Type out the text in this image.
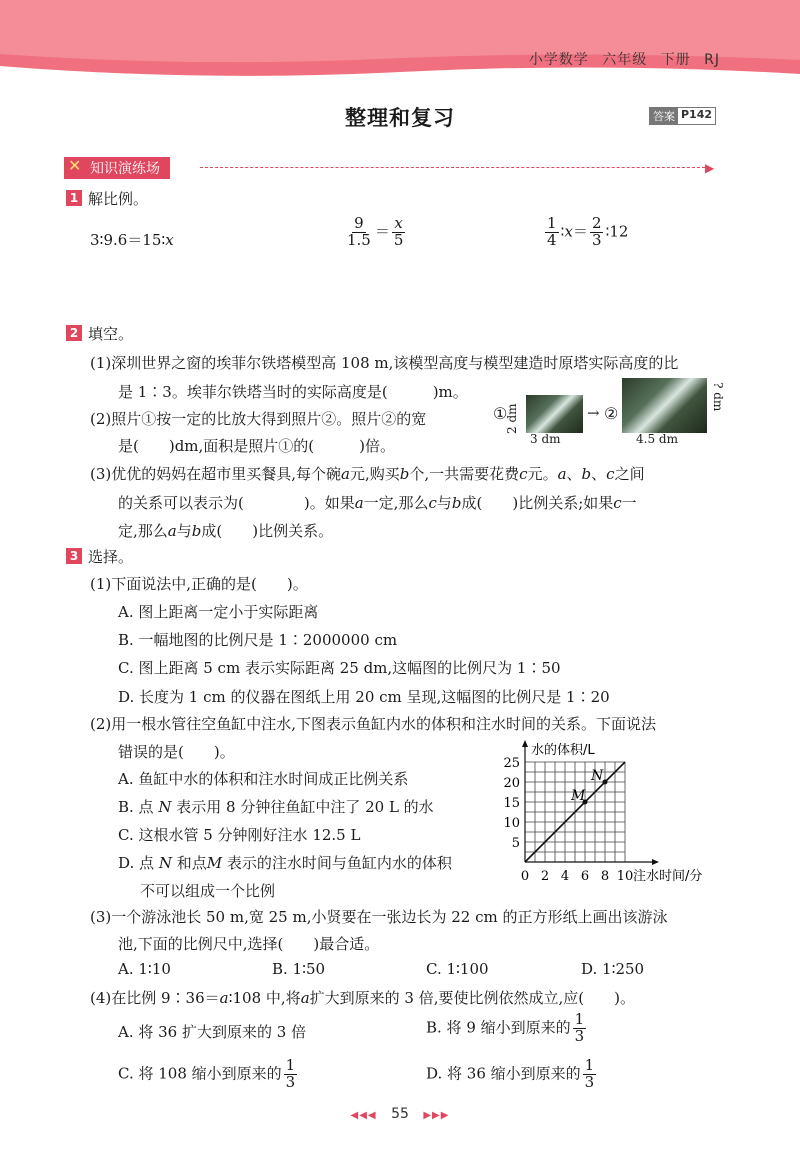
小学数学 六年级 下册 RJ
整理和复习	答案 P142
✕ 知识演练场	▶
1 解比例。
3∶9.6＝15∶x	$\frac{9}{1.5} = \frac{x}{5}$	$\frac{1}{4}$ ∶x＝ $\frac{2}{3}$ ∶12
2 填空。
(1)深圳世界之窗的埃菲尔铁塔模型高 108 m,该模型高度与模型建造时原塔实际高度的比
是 1∶3。埃菲尔铁塔当时的实际高度是(　　　)m。
(2)照片①按一定的比放大得到照片②。照片②的宽
是(　　)dm,面积是照片①的(　　　)倍。
①
2 dm
3 dm
→ ②
? dm
4.5 dm
(3)优优的妈妈在超市里买餐具,每个碗a元,购买b个,一共需要花费c元。a、b、c之间
的关系可以表示为(　　　　)。如果a一定,那么c与b成(　　)比例关系;如果c一
定,那么a与b成(　　)比例关系。
3 选择。
(1)下面说法中,正确的是(　　)。
A. 图上距离一定小于实际距离
B. 一幅地图的比例尺是 1∶2000000 cm
C. 图上距离 5 cm 表示实际距离 25 dm,这幅图的比例尺为 1∶50
D. 长度为 1 cm 的仪器在图纸上用 20 cm 呈现,这幅图的比例尺是 1∶20
(2)用一根水管往空鱼缸中注水,下图表示鱼缸内水的体积和注水时间的关系。下面说法
错误的是(　　)。
A. 鱼缸中水的体积和注水时间成正比例关系
B. 点 N 表示用 8 分钟往鱼缸中注了 20 L 的水
C. 这根水管 5 分钟刚好注水 12.5 L
D. 点 N 和点M 表示的注水时间与鱼缸内水的体积
不可以组成一个比例
水的体积/L
注水时间/分
0 2 4 6 8 10
5
10
15
20
25
M
N
(3)一个游泳池长 50 m,宽 25 m,小贤要在一张边长为 22 cm 的正方形纸上画出该游泳
池,下面的比例尺中,选择(　　)最合适。
A. 1∶10	B. 1∶50	C. 1∶100	D. 1∶250
(4)在比例 9∶36＝a∶108 中,将a扩大到原来的 3 倍,要使比例依然成立,应(　　)。
A. 将 36 扩大到原来的 3 倍	B. 将 9 缩小到原来的 $\frac{1}{3}$
C. 将 108 缩小到原来的 $\frac{1}{3}$	D. 将 36 缩小到原来的 $\frac{1}{3}$
◀◀◀ 55 ▶▶▶
